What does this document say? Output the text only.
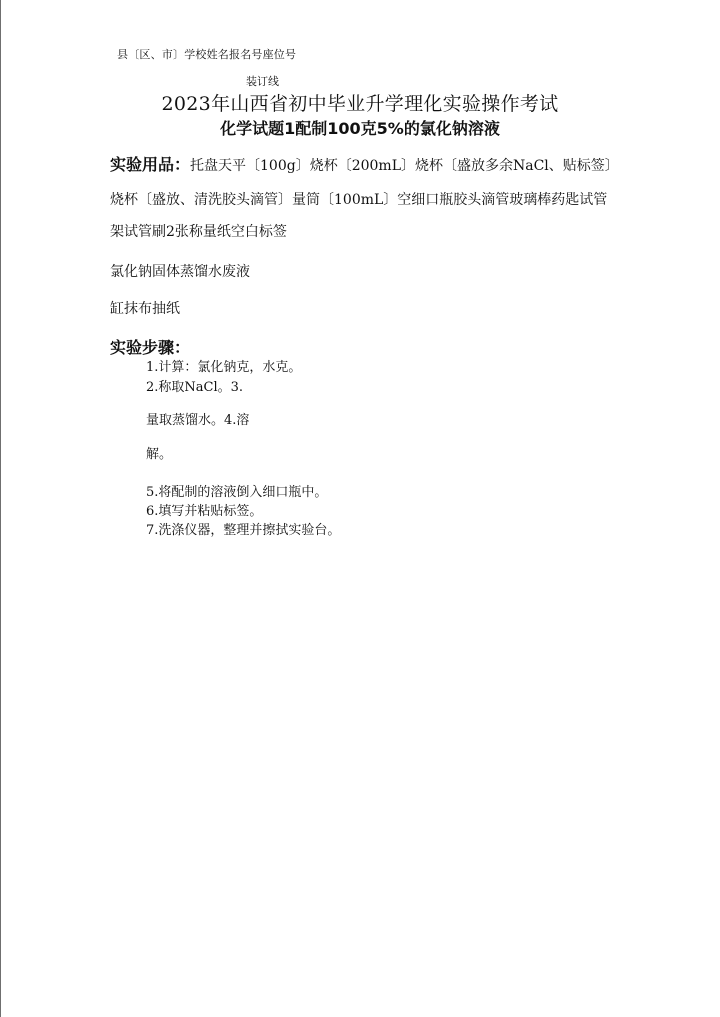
县〔区、市〕学校姓名报名号座位号
装订线
2023年山西省初中毕业升学理化实验操作考试
化学试题1配制100克5%的氯化钠溶液
实验用品：托盘天平〔100g〕烧杯〔200mL〕烧杯〔盛放多余NaCl、贴标签〕
烧杯〔盛放、清洗胶头滴管〕量筒〔100mL〕空细口瓶胶头滴管玻璃棒药匙试管
架试管刷2张称量纸空白标签
氯化钠固体蒸馏水废液
缸抹布抽纸
实验步骤：
1.计算：氯化钠克，水克。
2.称取NaCl。3.
量取蒸馏水。4.溶
解。
5.将配制的溶液倒入细口瓶中。
6.填写并粘贴标签。
7.洗涤仪器，整理并擦拭实验台。
